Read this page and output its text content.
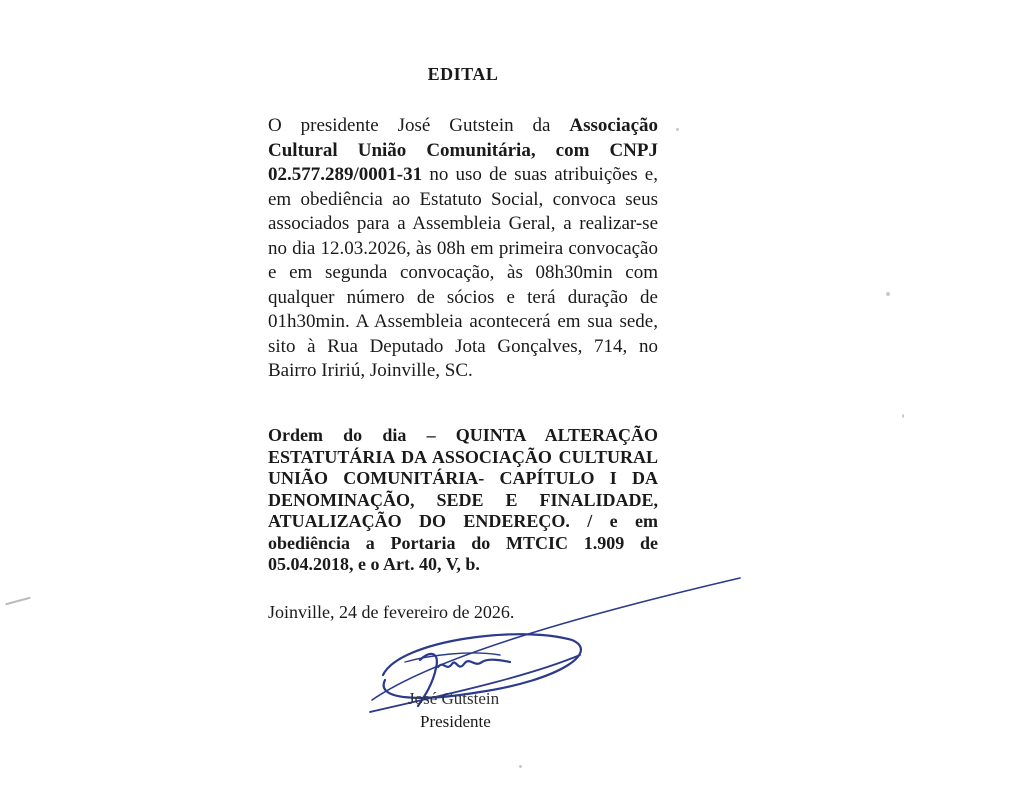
EDITAL
O presidente José Gutstein da Associação Cultural União Comunitária, com CNPJ 02.577.289/0001-31 no uso de suas atribuições e, em obediência ao Estatuto Social, convoca seus associados para a Assembleia Geral, a realizar-se no dia 12.03.2026, às 08h em primeira convocação e em segunda convocação, às 08h30min com qualquer número de sócios e terá duração de 01h30min. A Assembleia acontecerá em sua sede, sito à Rua Deputado Jota Gonçalves, 714, no Bairro Iririú, Joinville, SC.
Ordem do dia – QUINTA ALTERAÇÃO ESTATUTÁRIA DA ASSOCIAÇÃO CULTURAL UNIÃO COMUNITÁRIA- CAPÍTULO I DA DENOMINAÇÃO, SEDE E FINALIDADE, ATUALIZAÇÃO DO ENDEREÇO. / e em obediência a Portaria do MTCIC 1.909 de 05.04.2018, e o Art. 40, V, b.
Joinville, 24 de fevereiro de 2026.
José Gutstein
Presidente
